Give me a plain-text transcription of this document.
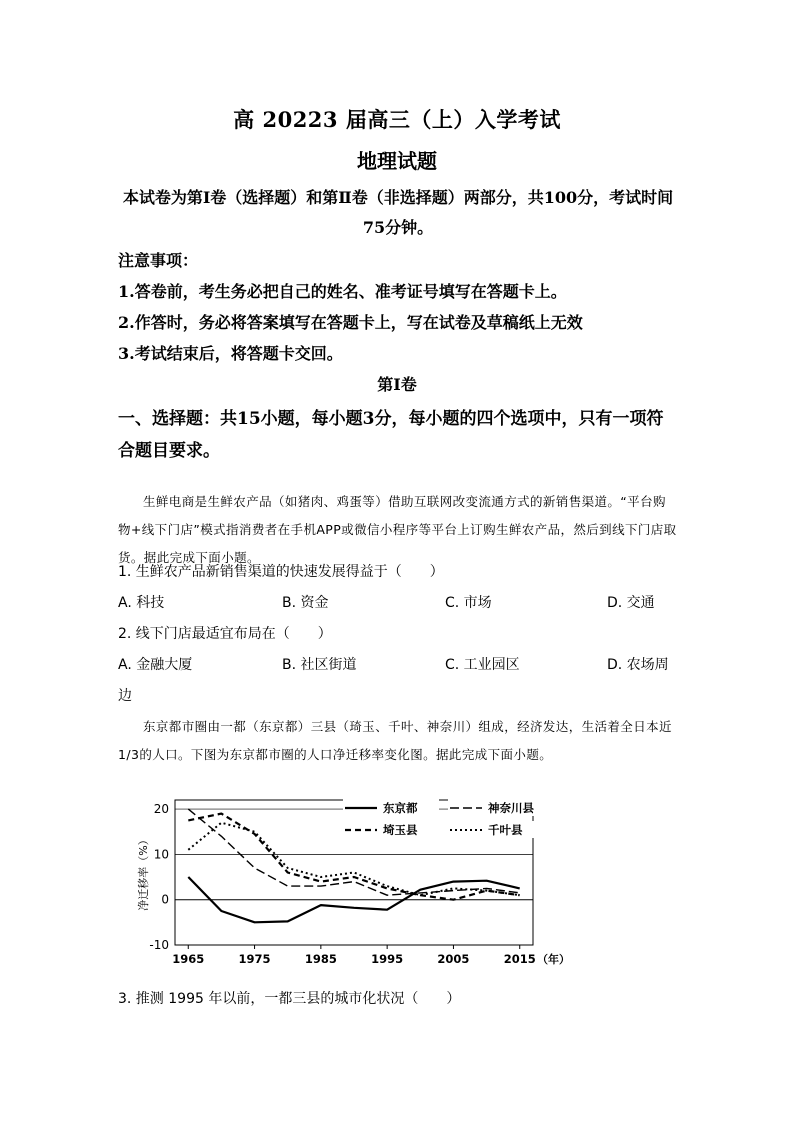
高 20223 届高三（上）入学考试
地理试题
本试卷为第Ⅰ卷（选择题）和第Ⅱ卷（非选择题）两部分，共100分，考试时间75分钟。
注意事项：
1.答卷前，考生务必把自己的姓名、准考证号填写在答题卡上。
2.作答时，务必将答案填写在答题卡上，写在试卷及草稿纸上无效
3.考试结束后，将答题卡交回。
第Ⅰ卷
一、选择题：共15小题，每小题3分，每小题的四个选项中，只有一项符合题目要求。
生鲜电商是生鲜农产品（如猪肉、鸡蛋等）借助互联网改变流通方式的新销售渠道。“平台购物+线下门店”模式指消费者在手机APP或微信小程序等平台上订购生鲜农产品，然后到线下门店取货。据此完成下面小题。
1. 生鲜农产品新销售渠道的快速发展得益于（　　）
A. 科技	B. 资金	C. 市场	D. 交通
2. 线下门店最适宜布局在（　　）
A. 金融大厦	B. 社区街道	C. 工业园区	D. 农场周
边
东京都市圈由一都（东京都）三县（琦玉、千叶、神奈川）组成，经济发达，生活着全日本近1/3的人口。下图为东京都市圈的人口净迁移率变化图。据此完成下面小题。
-10
0
10
20
1965	1975	1985	1995	2005	2015 （年）
净迁移率（%）
东京都	神奈川县
埼玉县	千叶县
3. 推测 1995 年以前，一都三县的城市化状况（　　）
